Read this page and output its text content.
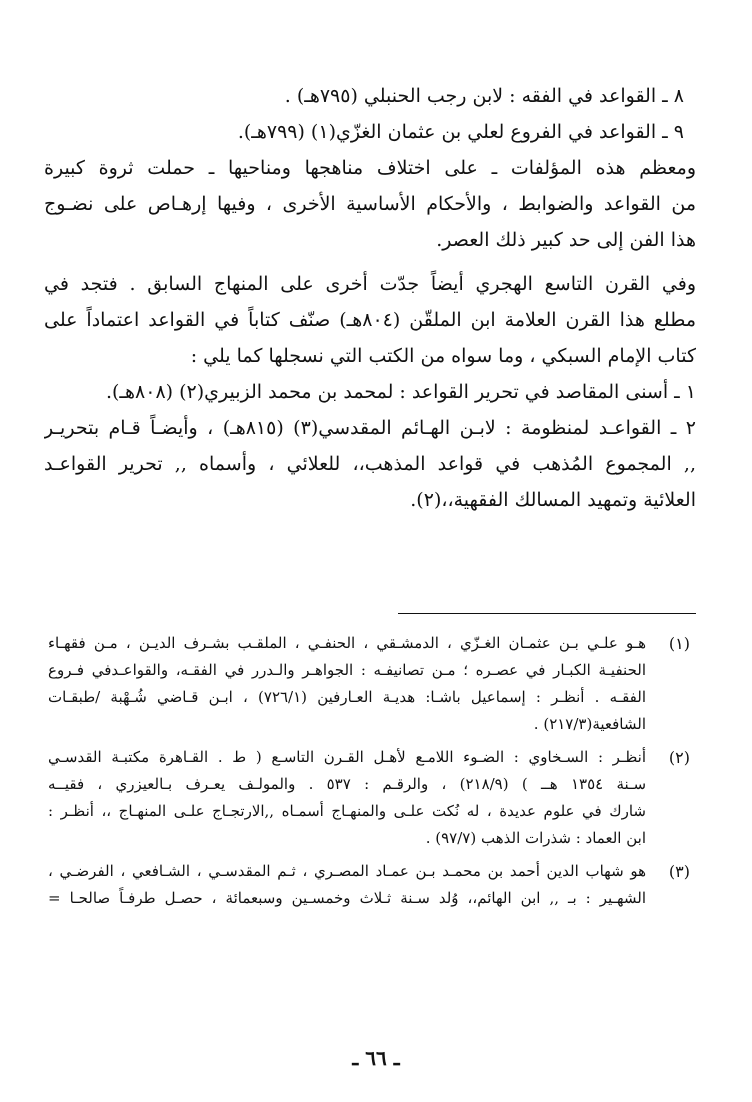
٨ ـ القواعد في الفقه : لابن رجب الحنبلي (٧٩٥هـ) .
٩ ـ القواعد في الفروع لعلي بن عثمان الغزّي(١) (٧٩٩هـ).
ومعظم هذه المؤلفات ـ على اختلاف مناهجها ومناحيها ـ حملت ثروة كبيرة
من القواعد والضوابط ، والأحكام الأساسية الأخرى ، وفيها إرهـاص على نضـوج
هذا الفن إلى حد كبير ذلك العصر.
وفي القرن التاسع الهجري أيضاً جدّت أخرى على المنهاج السابق . فتجد في
مطلع هذا القرن العلامة ابن الملقّن (٨٠٤هـ) صنّف كتاباً في القواعد اعتماداً على
كتاب الإمام السبكي ، وما سواه من الكتب التي نسجلها كما يلي :
١ ـ أسنى المقاصد في تحرير القواعد : لمحمد بن محمد الزبيري(٢) (٨٠٨هـ).
٢ ـ القواعـد لمنظومة : لابـن الهـائم المقدسي(٣) (٨١٥هـ) ، وأيضـاً قـام بتحريـر
,, المجموع المُذهب في قواعد المذهب،، للعلائي ، وأسماه ,, تحرير القواعـد
العلائية وتمهيد المسالك الفقهية،،(٢).
(١)
هـو علـي بـن عثمـان الغـزّي ، الدمشـقي ، الحنفـي ، الملقـب بشـرف الديـن ، مـن فقهـاء
الحنفيـة الكبـار في عصـره ؛ مـن تصانيفـه : الجواهـر والـدرر في الفقـه، والقواعـدفي فـروع
الفقـه . أنظـر : إسماعيل باشـا: هديـة العـارفين (٧٢٦/١) ، ابـن قـاضي شُـهْبة /طبقـات
الشافعية(٢١٧/٣) .
(٢)
أنظـر : السـخاوي : الضـوء اللامـع لأهـل القـرن التاسـع ( ط . القـاهرة مكتبـة القدسـي
سـنة ١٣٥٤ هــ ) (٢١٨/٩) ، والرقـم : ٥٣٧ . والمولـف يعـرف بـالعيزري ، فقيــه
شارك في علوم عديدة ، له نُكت علـى والمنهـاج أسمـاه ,,الارتجـاج علـى المنهـاج ،، أنظـر :
ابن العماد : شذرات الذهب (٩٧/٧) .
(٣)
هو شهاب الدين أحمد بن محمـد بـن عمـاد المصـري ، ثـم المقدسـي ، الشـافعي ، الفرضـي ،
الشهـير : بـ ,, ابن الهائم،، وُلد سـنة ثـلاث وخمسـين وسبعمائة ، حصـل طرفـاً صالحـا =
ـ ٦٦ ـ
